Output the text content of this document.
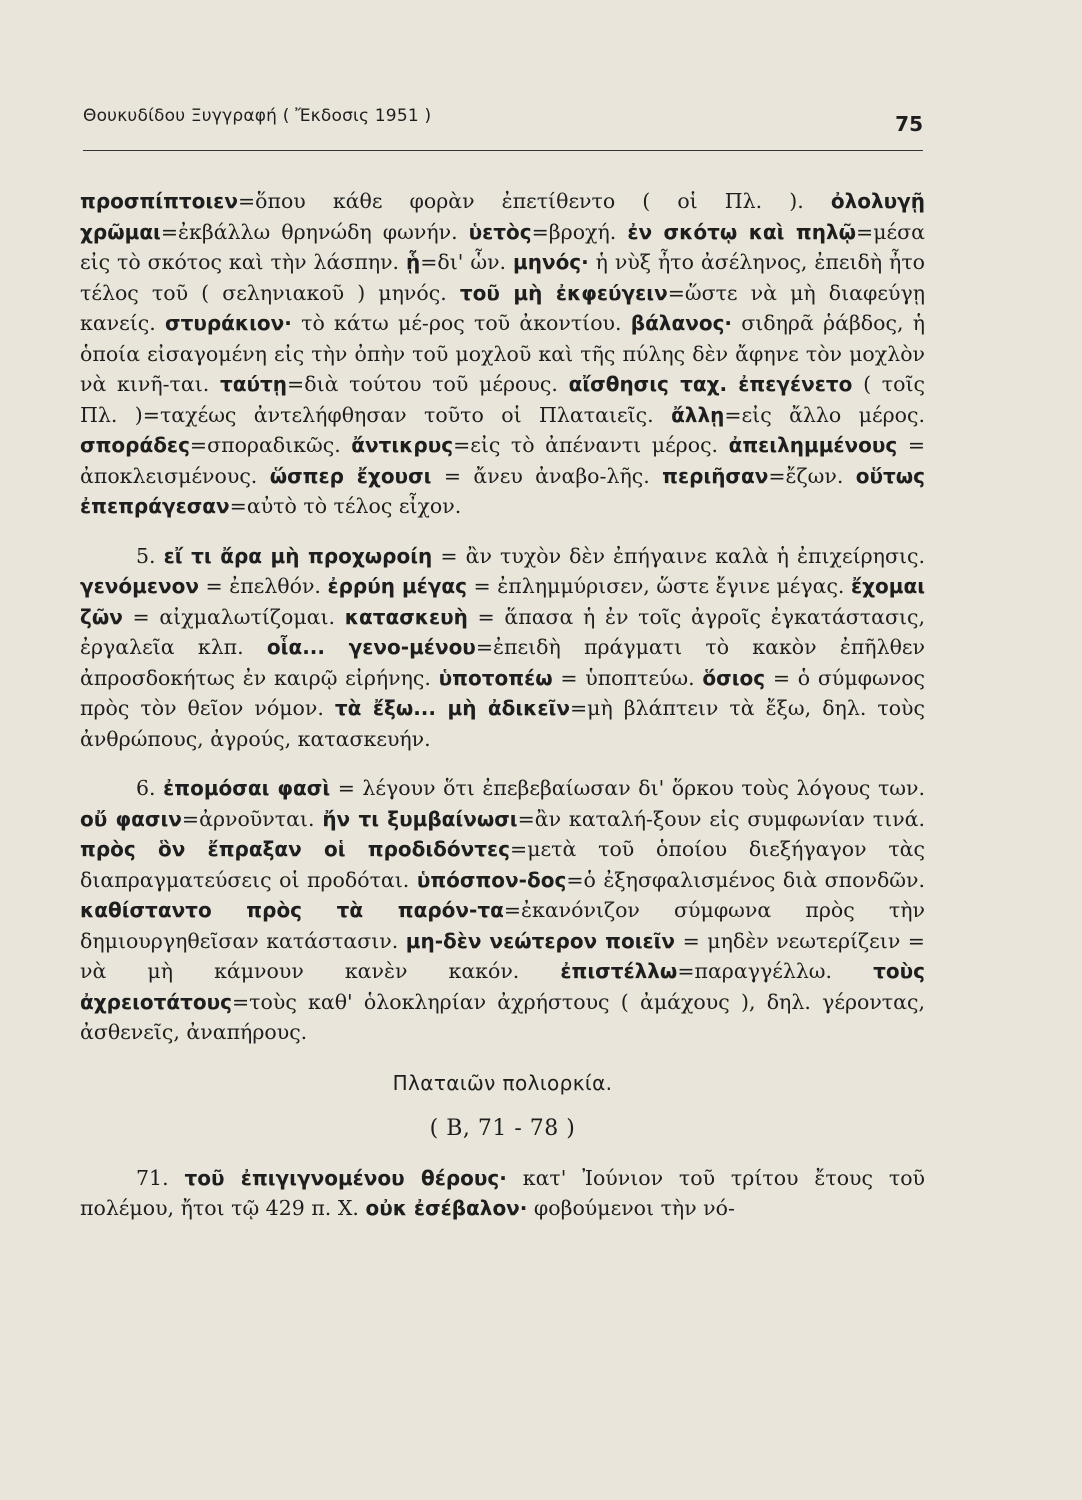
Θουκυδίδου Ξυγγραφή ( Ἔκδοσις 1951 )	75

προσπίπτοιεν=ὅπου κάθε φορὰν ἐπετίθεντο ( οἱ Πλ. ). ὀλολυγῇ χρῶμαι=ἐκβάλλω θρηνώδη φωνήν. ὑετὸς=βροχή. ἐν σκότῳ καὶ πηλῷ=μέσα εἰς τὸ σκότος καὶ τὴν λάσπην. ᾗ=δι' ὧν. μηνός· ἡ νὺξ ἦτο ἀσέληνος, ἐπειδὴ ἦτο τέλος τοῦ ( σεληνιακοῦ ) μηνός. τοῦ μὴ ἐκφεύγειν=ὥστε νὰ μὴ διαφεύγῃ κανείς. στυράκιον· τὸ κάτω μέ-ρος τοῦ ἀκοντίου. βάλανος· σιδηρᾶ ῥάβδος, ἡ ὁποία εἰσαγομένη εἰς τὴν ὀπὴν τοῦ μοχλοῦ καὶ τῆς πύλης δὲν ἄφηνε τὸν μοχλὸν νὰ κινῆ-ται. ταύτῃ=διὰ τούτου τοῦ μέρους. αἴσθησις ταχ. ἐπεγένετο ( τοῖς Πλ. )=ταχέως ἀντελήφθησαν τοῦτο οἱ Πλαταιεῖς. ἄλλῃ=εἰς ἄλλο μέρος. σποράδες=σποραδικῶς. ἄντικρυς=εἰς τὸ ἀπέναντι μέρος. ἀπειλημμένους = ἀποκλεισμένους. ὥσπερ ἔχουσι = ἄνευ ἀναβο-λῆς. περιῆσαν=ἔζων. οὕτως ἐπεπράγεσαν=αὐτὸ τὸ τέλος εἶχον.

5. εἴ τι ἄρα μὴ προχωροίη = ἂν τυχὸν δὲν ἐπήγαινε καλὰ ἡ ἐπιχείρησις. γενόμενον = ἐπελθόν. ἐρρύη μέγας = ἐπλημμύρισεν, ὥστε ἔγινε μέγας. ἔχομαι ζῶν = αἰχμαλωτίζομαι. κατασκευὴ = ἅπασα ἡ ἐν τοῖς ἀγροῖς ἐγκατάστασις, ἐργαλεῖα κλπ. οἷα... γενο-μένου=ἐπειδὴ πράγματι τὸ κακὸν ἐπῆλθεν ἀπροσδοκήτως ἐν καιρῷ εἰρήνης. ὑποτοπέω = ὑποπτεύω. ὅσιος = ὁ σύμφωνος πρὸς τὸν θεῖον νόμον. τὰ ἔξω... μὴ ἀδικεῖν=μὴ βλάπτειν τὰ ἔξω, δηλ. τοὺς ἀνθρώπους, ἀγρούς, κατασκευήν.

6. ἐπομόσαι φασὶ = λέγουν ὅτι ἐπεβεβαίωσαν δι' ὅρκου τοὺς λόγους των. οὔ φασιν=ἀρνοῦνται. ἤν τι ξυμβαίνωσι=ἂν καταλή-ξουν εἰς συμφωνίαν τινά. πρὸς ὃν ἔπραξαν οἱ προδιδόντες=μετὰ τοῦ ὁποίου διεξήγαγον τὰς διαπραγματεύσεις οἱ προδόται. ὑπόσπον-δος=ὁ ἐξησφαλισμένος διὰ σπονδῶν. καθίσταντο πρὸς τὰ παρόν-τα=ἐκανόνιζον σύμφωνα πρὸς τὴν δημιουργηθεῖσαν κατάστασιν. μη-δὲν νεώτερον ποιεῖν = μηδὲν νεωτερίζειν = νὰ μὴ κάμνουν κανὲν κακόν. ἐπιστέλλω=παραγγέλλω. τοὺς ἀχρειοτάτους=τοὺς καθ' ὁλοκληρίαν ἀχρήστους ( ἀμάχους ), δηλ. γέροντας, ἀσθενεῖς, ἀναπήρους.

Πλαταιῶν πολιορκία.

( Β, 71 - 78 )

71. τοῦ ἐπιγιγνομένου θέρους· κατ' Ἰούνιον τοῦ τρίτου ἔτους τοῦ πολέμου, ἤτοι τῷ 429 π. Χ. οὐκ ἐσέβαλον· φοβούμενοι τὴν νό-
